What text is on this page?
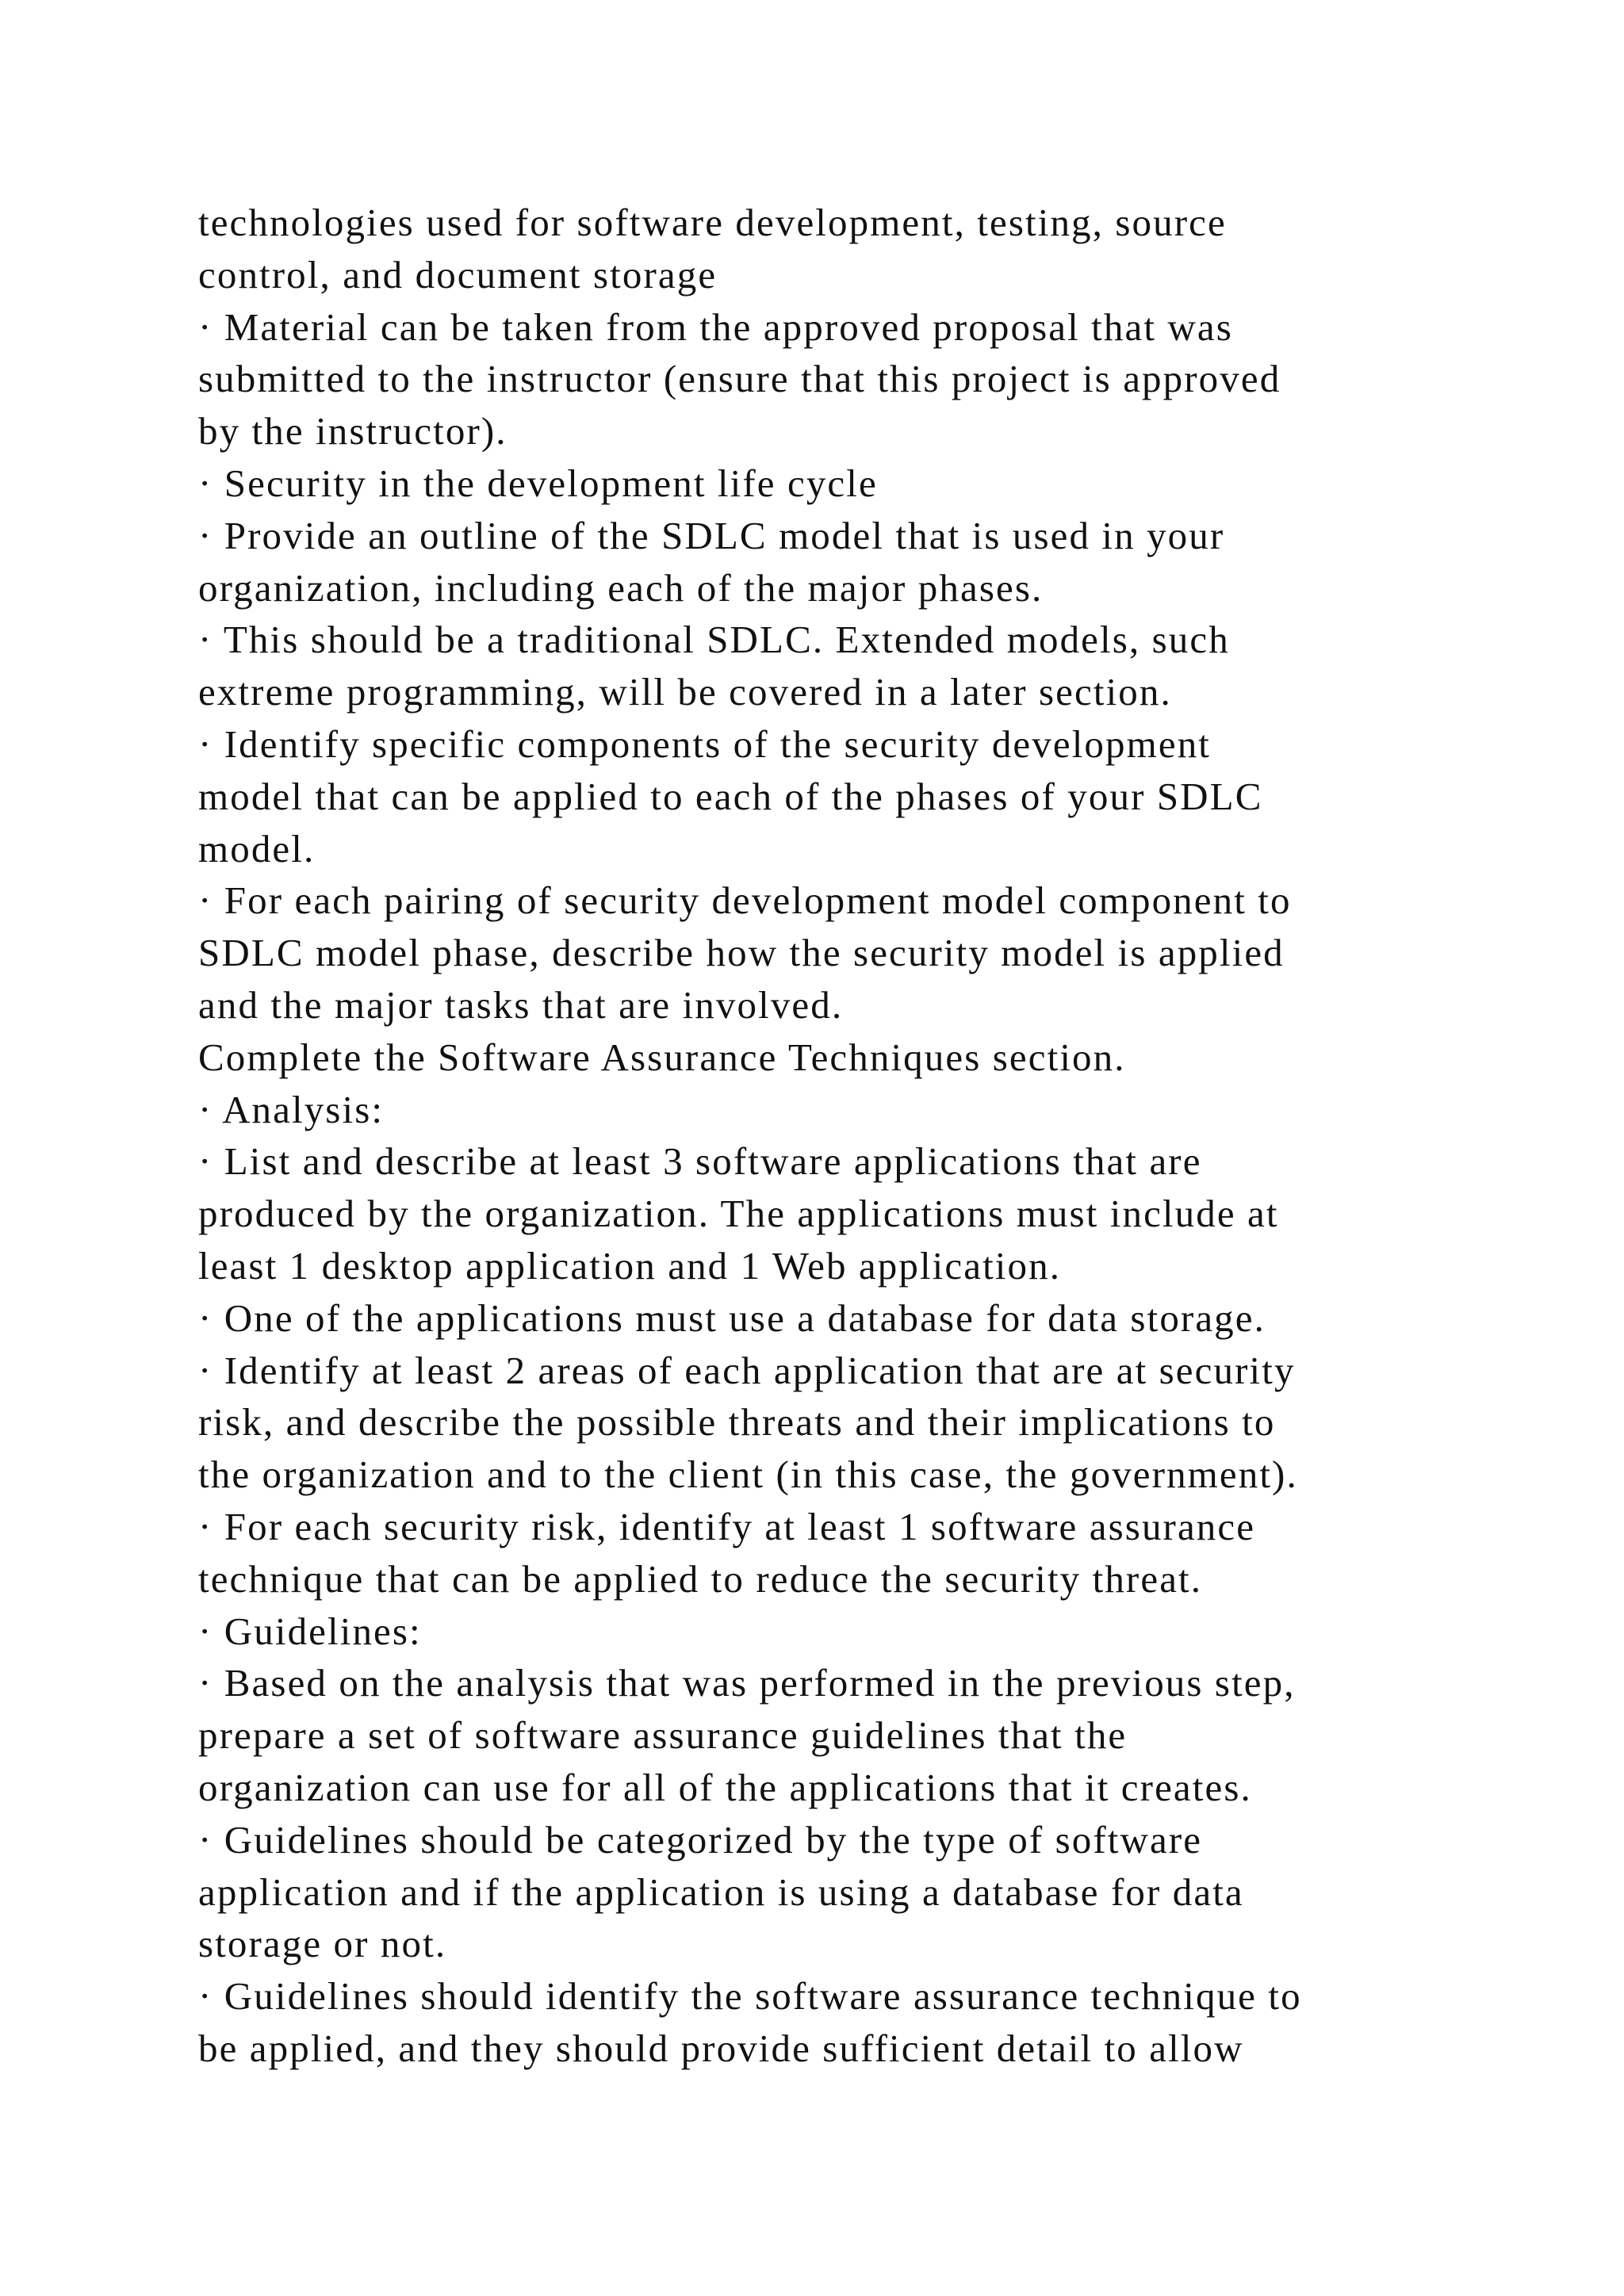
technologies used for software development, testing, source
control, and document storage
· Material can be taken from the approved proposal that was
submitted to the instructor (ensure that this project is approved
by the instructor).
· Security in the development life cycle
· Provide an outline of the SDLC model that is used in your
organization, including each of the major phases.
· This should be a traditional SDLC. Extended models, such
extreme programming, will be covered in a later section.
· Identify specific components of the security development
model that can be applied to each of the phases of your SDLC
model.
· For each pairing of security development model component to
SDLC model phase, describe how the security model is applied
and the major tasks that are involved.
Complete the Software Assurance Techniques section.
· Analysis:
· List and describe at least 3 software applications that are
produced by the organization. The applications must include at
least 1 desktop application and 1 Web application.
· One of the applications must use a database for data storage.
· Identify at least 2 areas of each application that are at security
risk, and describe the possible threats and their implications to
the organization and to the client (in this case, the government).
· For each security risk, identify at least 1 software assurance
technique that can be applied to reduce the security threat.
· Guidelines:
· Based on the analysis that was performed in the previous step,
prepare a set of software assurance guidelines that the
organization can use for all of the applications that it creates.
· Guidelines should be categorized by the type of software
application and if the application is using a database for data
storage or not.
· Guidelines should identify the software assurance technique to
be applied, and they should provide sufficient detail to allow
